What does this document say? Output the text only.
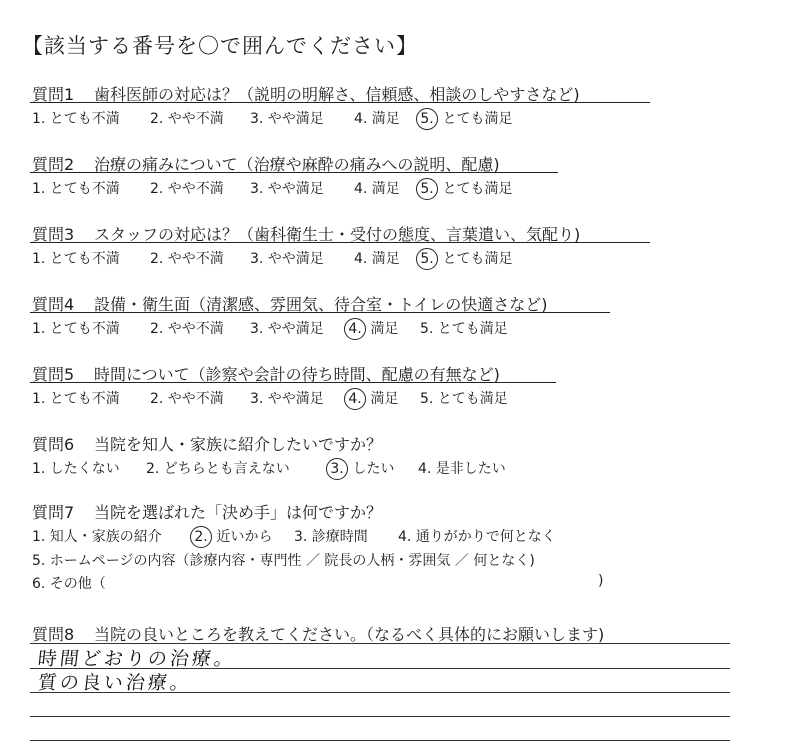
【該当する番号を〇で囲んでください】
質問1 歯科医師の対応は？（説明の明解さ、信頼感、相談のしやすさなど)
1. とても不満 2. やや不満 3. やや満足 4. 満足 5. とても満足
質問2 治療の痛みについて（治療や麻酔の痛みへの説明、配慮)
1. とても不満 2. やや不満 3. やや満足 4. 満足 5. とても満足
質問3 スタッフの対応は？（歯科衛生士・受付の態度、言葉遣い、気配り)
1. とても不満 2. やや不満 3. やや満足 4. 満足 5. とても満足
質問4 設備・衛生面（清潔感、雰囲気、待合室・トイレの快適さなど)
1. とても不満 2. やや不満 3. やや満足 4. 満足 5. とても満足
質問5 時間について（診察や会計の待ち時間、配慮の有無など)
1. とても不満 2. やや不満 3. やや満足 4. 満足 5. とても満足
質問6 当院を知人・家族に紹介したいですか？
1. したくない 2. どちらとも言えない	3. したい 4. 是非したい
質問7 当院を選ばれた「決め手」は何ですか？
1. 知人・家族の紹介 2. 近いから 3. 診療時間 4. 通りがかりで何となく
5. ホームページの内容（診療内容・専門性 ／ 院長の人柄・雰囲気 ／ 何となく)
6. その他（	)
質問8 当院の良いところを教えてください。（なるべく具体的にお願いします)
時間どおりの治療。
質の良い治療。
